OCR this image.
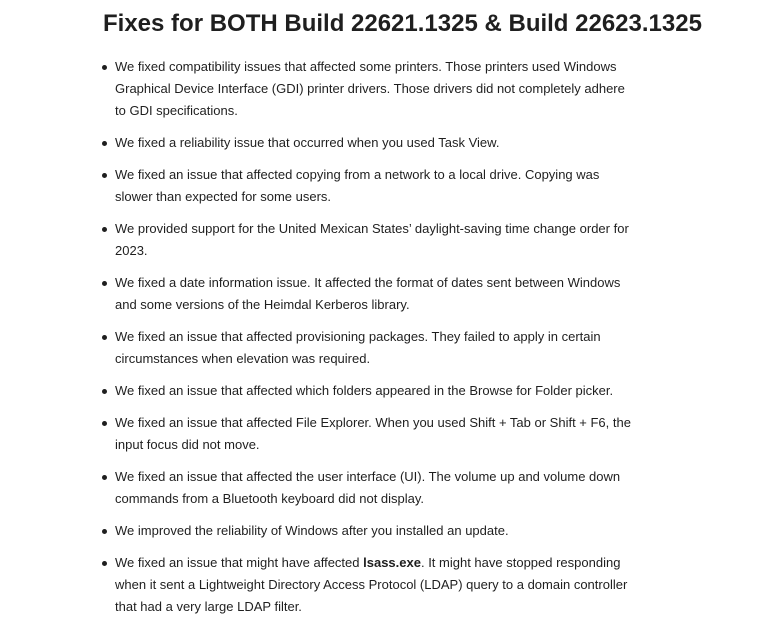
Fixes for BOTH Build 22621.1325 & Build 22623.1325
We fixed compatibility issues that affected some printers. Those printers used Windows Graphical Device Interface (GDI) printer drivers. Those drivers did not completely adhere to GDI specifications.
We fixed a reliability issue that occurred when you used Task View.
We fixed an issue that affected copying from a network to a local drive. Copying was slower than expected for some users.
We provided support for the United Mexican States’ daylight-saving time change order for 2023.
We fixed a date information issue. It affected the format of dates sent between Windows and some versions of the Heimdal Kerberos library.
We fixed an issue that affected provisioning packages. They failed to apply in certain circumstances when elevation was required.
We fixed an issue that affected which folders appeared in the Browse for Folder picker.
We fixed an issue that affected File Explorer. When you used Shift + Tab or Shift + F6, the input focus did not move.
We fixed an issue that affected the user interface (UI). The volume up and volume down commands from a Bluetooth keyboard did not display.
We improved the reliability of Windows after you installed an update.
We fixed an issue that might have affected lsass.exe. It might have stopped responding when it sent a Lightweight Directory Access Protocol (LDAP) query to a domain controller that had a very large LDAP filter.
